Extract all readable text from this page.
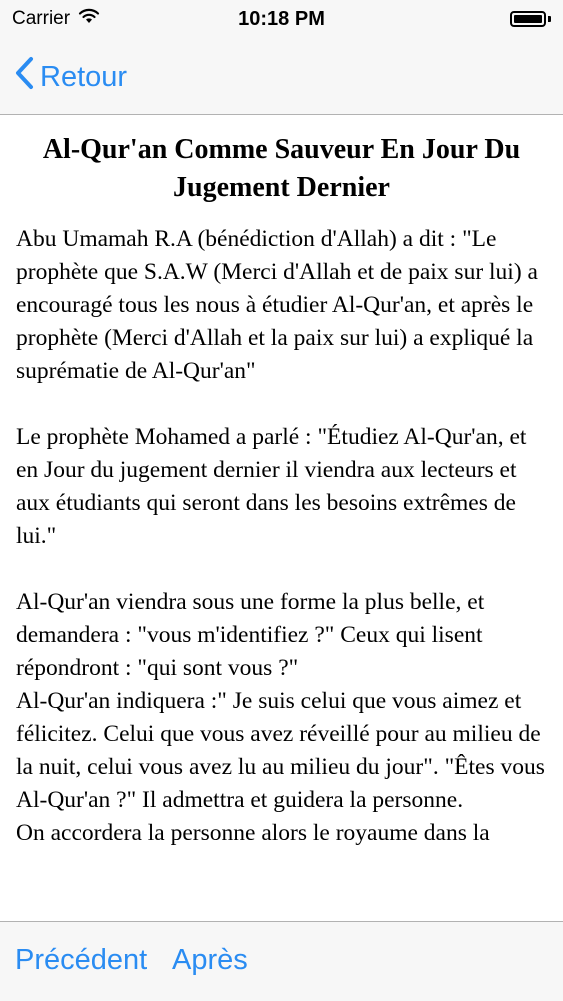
Carrier	10:18 PM
Retour
Al-Qur'an Comme Sauveur En Jour Du Jugement Dernier

Abu Umamah R.A (bénédiction d'Allah) a dit : "Le prophète que S.A.W (Merci d'Allah et de paix sur lui) a encouragé tous les nous à étudier Al-Qur'an, et après le prophète (Merci d'Allah et la paix sur lui) a expliqué la suprématie de Al-Qur'an"

Le prophète Mohamed a parlé : "Étudiez Al-Qur'an, et en Jour du jugement dernier il viendra aux lecteurs et aux étudiants qui seront dans les besoins extrêmes de lui."

Al-Qur'an viendra sous une forme la plus belle, et demandera : "vous m'identifiez ?" Ceux qui lisent répondront : "qui sont vous ?"

Al-Qur'an indiquera :" Je suis celui que vous aimez et félicitez. Celui que vous avez réveillé pour au milieu de la nuit, celui vous avez lu au milieu du jour". "Êtes vous Al-Qur'an ?" Il admettra et guidera la personne.

On accordera la personne alors le royaume dans la

Précédent Après
